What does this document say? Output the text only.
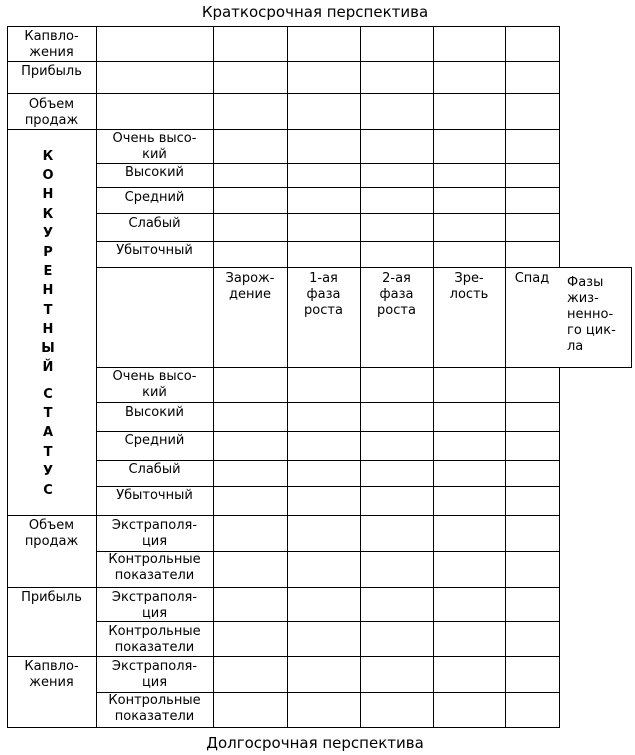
Краткосрочная перспектива
Долгосрочная перспектива
Капвло-
жения
Прибыль
Объем
продаж
Очень высо-
кий
Высокий
Средний
Слабый
Убыточный
Зарож-
дение
1-ая
фаза
роста
2-ая
фаза
роста
Зре-
лость
Спад	Фазы
жиз-
ненно-
го цик-
ла
Очень высо-
кий
Высокий
Средний
Слабый
Убыточный
Объем
продаж
Экстраполя-
ция
Контрольные
показатели
Прибыль	Экстраполя-
ция
Контрольные
показатели
Капвло-
жения
Экстраполя-
ция
Контрольные
показатели
К
О
Н
К
У
Р
Е
Н
Т
Н
Ы
Й
С
Т
А
Т
У
С
